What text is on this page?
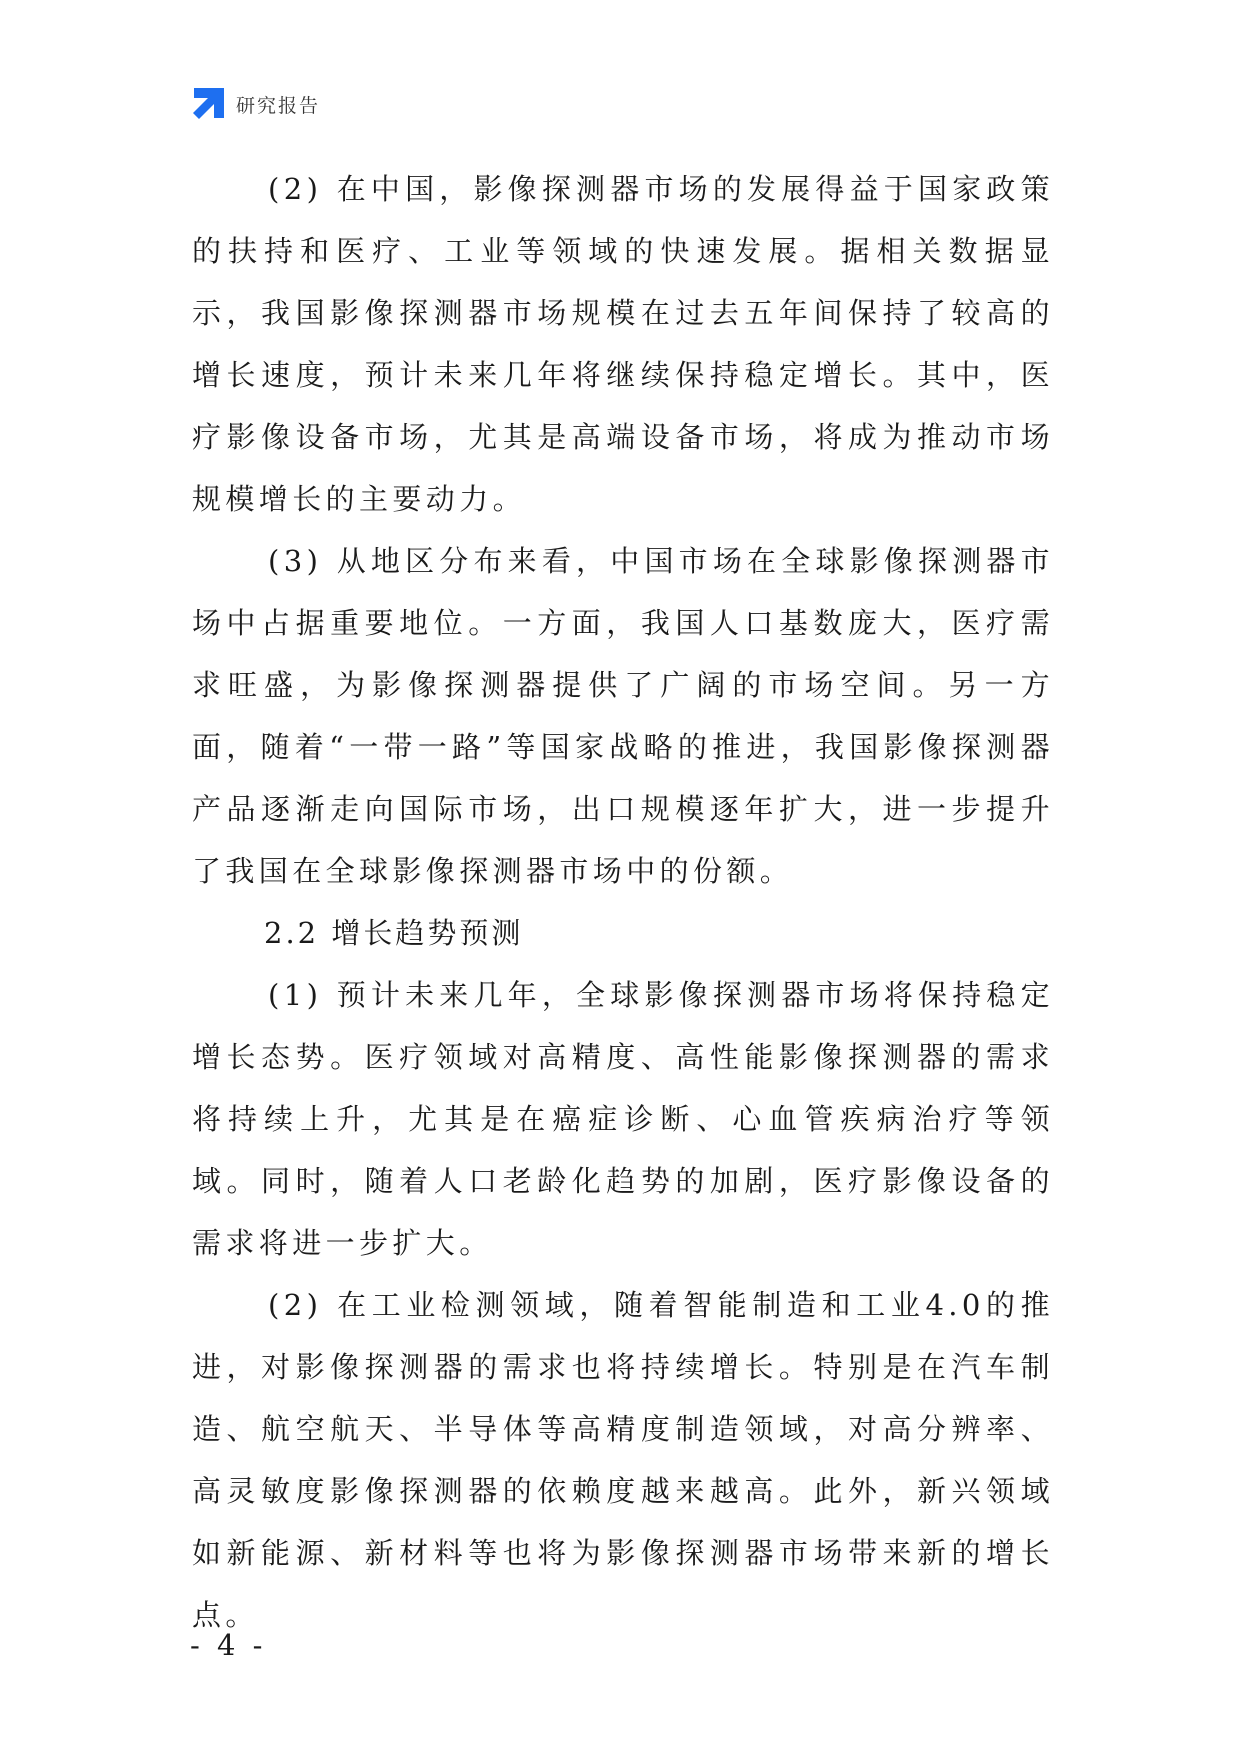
研究报告

(2) 在中国，影像探测器市场的发展得益于国家政策的扶持和医疗、工业等领域的快速发展。据相关数据显示，我国影像探测器市场规模在过去五年间保持了较高的增长速度，预计未来几年将继续保持稳定增长。其中，医疗影像设备市场，尤其是高端设备市场，将成为推动市场规模增长的主要动力。

(3) 从地区分布来看，中国市场在全球影像探测器市场中占据重要地位。一方面，我国人口基数庞大，医疗需求旺盛，为影像探测器提供了广阔的市场空间。另一方面，随着“一带一路”等国家战略的推进，我国影像探测器产品逐渐走向国际市场，出口规模逐年扩大，进一步提升了我国在全球影像探测器市场中的份额。

2.2 增长趋势预测

(1) 预计未来几年，全球影像探测器市场将保持稳定增长态势。医疗领域对高精度、高性能影像探测器的需求将持续上升，尤其是在癌症诊断、心血管疾病治疗等领域。同时，随着人口老龄化趋势的加剧，医疗影像设备的需求将进一步扩大。

(2) 在工业检测领域，随着智能制造和工业4.0的推进，对影像探测器的需求也将持续增长。特别是在汽车制造、航空航天、半导体等高精度制造领域，对高分辨率、高灵敏度影像探测器的依赖度越来越高。此外，新兴领域如新能源、新材料等也将为影像探测器市场带来新的增长点。

- 4 -
